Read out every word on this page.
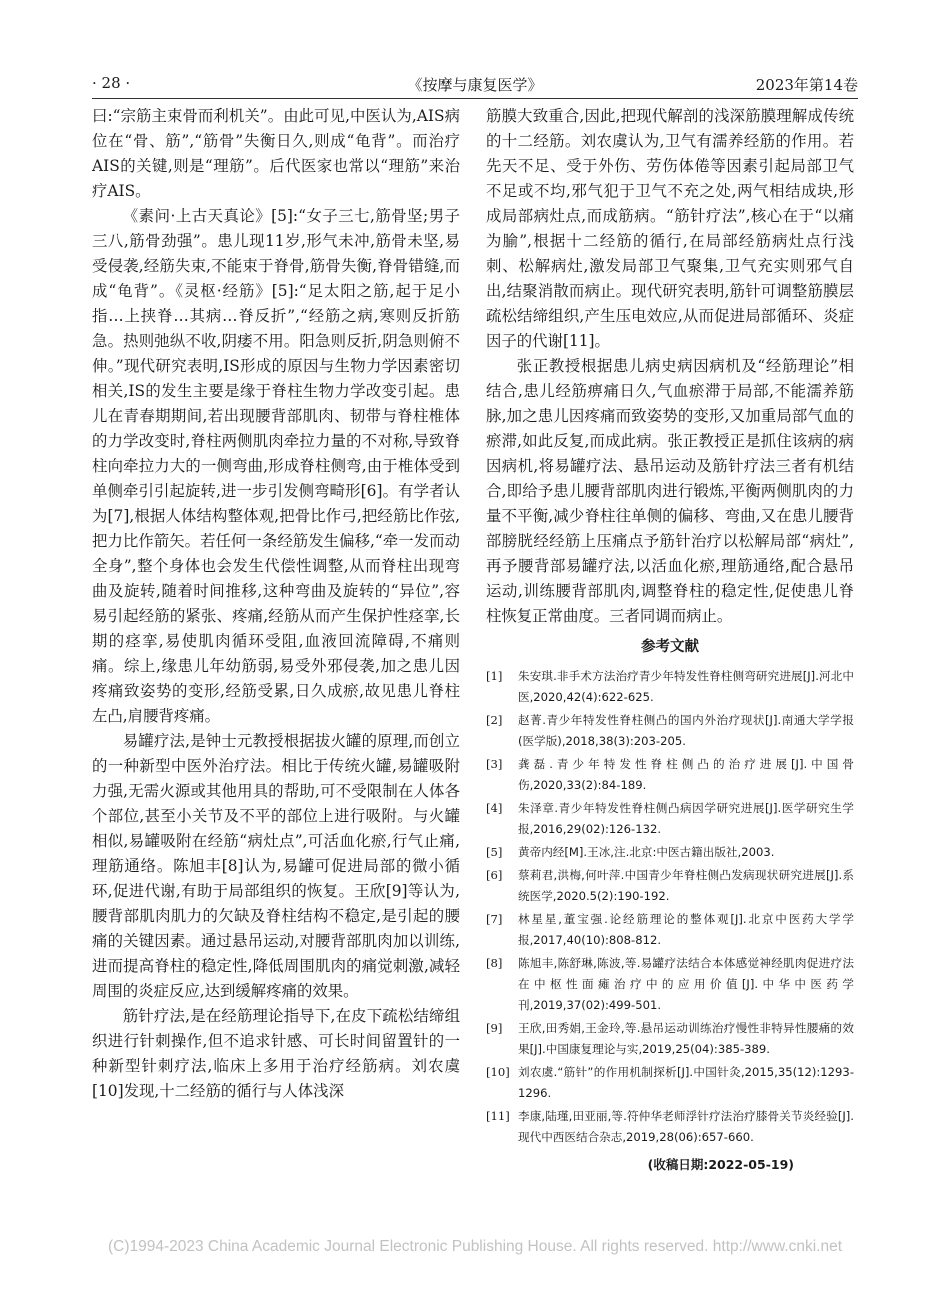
· 28 ·	《按摩与康复医学》	2023年第14卷

曰:“宗筋主束骨而利机关”。由此可见,中医认为,AIS病位在“骨、筋”,“筋骨”失衡日久,则成“龟背”。而治疗AIS的关键,则是“理筋”。后代医家也常以“理筋”来治疗AIS。

《素问·上古天真论》[5]:“女子三七,筋骨坚;男子三八,筋骨劲强”。患儿现11岁,形气未冲,筋骨未坚,易受侵袭,经筋失束,不能束于脊骨,筋骨失衡,脊骨错缝,而成“龟背”。《灵枢·经筋》[5]:“足太阳之筋,起于足小指…上挟脊…其病…脊反折”,“经筋之病,寒则反折筋急。热则弛纵不收,阴痿不用。阳急则反折,阴急则俯不伸。”现代研究表明,IS形成的原因与生物力学因素密切相关,IS的发生主要是缘于脊柱生物力学改变引起。患儿在青春期期间,若出现腰背部肌肉、韧带与脊柱椎体的力学改变时,脊柱两侧肌肉牵拉力量的不对称,导致脊柱向牵拉力大的一侧弯曲,形成脊柱侧弯,由于椎体受到单侧牵引引起旋转,进一步引发侧弯畸形[6]。有学者认为[7],根据人体结构整体观,把骨比作弓,把经筋比作弦,把力比作箭矢。若任何一条经筋发生偏移,“牵一发而动全身”,整个身体也会发生代偿性调整,从而脊柱出现弯曲及旋转,随着时间推移,这种弯曲及旋转的“异位”,容易引起经筋的紧张、疼痛,经筋从而产生保护性痉挛,长期的痉挛,易使肌肉循环受阻,血液回流障碍,不痛则痛。综上,缘患儿年幼筋弱,易受外邪侵袭,加之患儿因疼痛致姿势的变形,经筋受累,日久成瘀,故见患儿脊柱左凸,肩腰背疼痛。

易罐疗法,是钟士元教授根据拔火罐的原理,而创立的一种新型中医外治疗法。相比于传统火罐,易罐吸附力强,无需火源或其他用具的帮助,可不受限制在人体各个部位,甚至小关节及不平的部位上进行吸附。与火罐相似,易罐吸附在经筋“病灶点”,可活血化瘀,行气止痛,理筋通络。陈旭丰[8]认为,易罐可促进局部的微小循环,促进代谢,有助于局部组织的恢复。王欣[9]等认为,腰背部肌肉肌力的欠缺及脊柱结构不稳定,是引起的腰痛的关键因素。通过悬吊运动,对腰背部肌肉加以训练,进而提高脊柱的稳定性,降低周围肌肉的痛觉刺激,减轻周围的炎症反应,达到缓解疼痛的效果。

筋针疗法,是在经筋理论指导下,在皮下疏松结缔组织进行针刺操作,但不追求针感、可长时间留置针的一种新型针刺疗法,临床上多用于治疗经筋病。刘农虞[10]发现,十二经筋的循行与人体浅深

筋膜大致重合,因此,把现代解剖的浅深筋膜理解成传统的十二经筋。刘农虞认为,卫气有濡养经筋的作用。若先天不足、受于外伤、劳伤体倦等因素引起局部卫气不足或不均,邪气犯于卫气不充之处,两气相结成块,形成局部病灶点,而成筋病。“筋针疗法”,核心在于“以痛为腧”,根据十二经筋的循行,在局部经筋病灶点行浅刺、松解病灶,激发局部卫气聚集,卫气充实则邪气自出,结聚消散而病止。现代研究表明,筋针可调整筋膜层疏松结缔组织,产生压电效应,从而促进局部循环、炎症因子的代谢[11]。

张正教授根据患儿病史病因病机及“经筋理论”相结合,患儿经筋痹痛日久,气血瘀滞于局部,不能濡养筋脉,加之患儿因疼痛而致姿势的变形,又加重局部气血的瘀滞,如此反复,而成此病。张正教授正是抓住该病的病因病机,将易罐疗法、悬吊运动及筋针疗法三者有机结合,即给予患儿腰背部肌肉进行锻炼,平衡两侧肌肉的力量不平衡,减少脊柱往单侧的偏移、弯曲,又在患儿腰背部膀胱经经筋上压痛点予筋针治疗以松解局部“病灶”,再予腰背部易罐疗法,以活血化瘀,理筋通络,配合悬吊运动,训练腰背部肌肉,调整脊柱的稳定性,促使患儿脊柱恢复正常曲度。三者同调而病止。

参考文献
[1]	朱安琪.非手术方法治疗青少年特发性脊柱侧弯研究进展[J].河北中医,2020,42(4):622-625.
[2]	赵菁.青少年特发性脊柱侧凸的国内外治疗现状[J].南通大学学报(医学版),2018,38(3):203-205.
[3]	龚磊.青少年特发性脊柱侧凸的治疗进展[J].中国骨伤,2020,33(2):84-189.
[4]	朱泽章.青少年特发性脊柱侧凸病因学研究进展[J].医学研究生学报,2016,29(02):126-132.
[5]	黄帝内经[M].王冰,注.北京:中医古籍出版社,2003.
[6]	蔡莉君,洪梅,何叶萍.中国青少年脊柱侧凸发病现状研究进展[J].系统医学,2020.5(2):190-192.
[7]	林星星,董宝强.论经筋理论的整体观[J].北京中医药大学学报,2017,40(10):808-812.
[8]	陈旭丰,陈舒琳,陈波,等.易罐疗法结合本体感觉神经肌肉促进疗法在中枢性面瘫治疗中的应用价值[J].中华中医药学刊,2019,37(02):499-501.
[9]	王欣,田秀娟,王金玲,等.悬吊运动训练治疗慢性非特异性腰痛的效果[J].中国康复理论与实,2019,25(04):385-389.
[10] 刘农虞.“筋针”的作用机制探析[J].中国针灸,2015,35(12):1293-1296.
[11] 李康,陆瑾,田亚丽,等.符仲华老师浮针疗法治疗膝骨关节炎经验[J].现代中西医结合杂志,2019,28(06):657-660.
(收稿日期:2022-05-19)
(C)1994-2023 China Academic Journal Electronic Publishing House. All rights reserved. http://www.cnki.net
